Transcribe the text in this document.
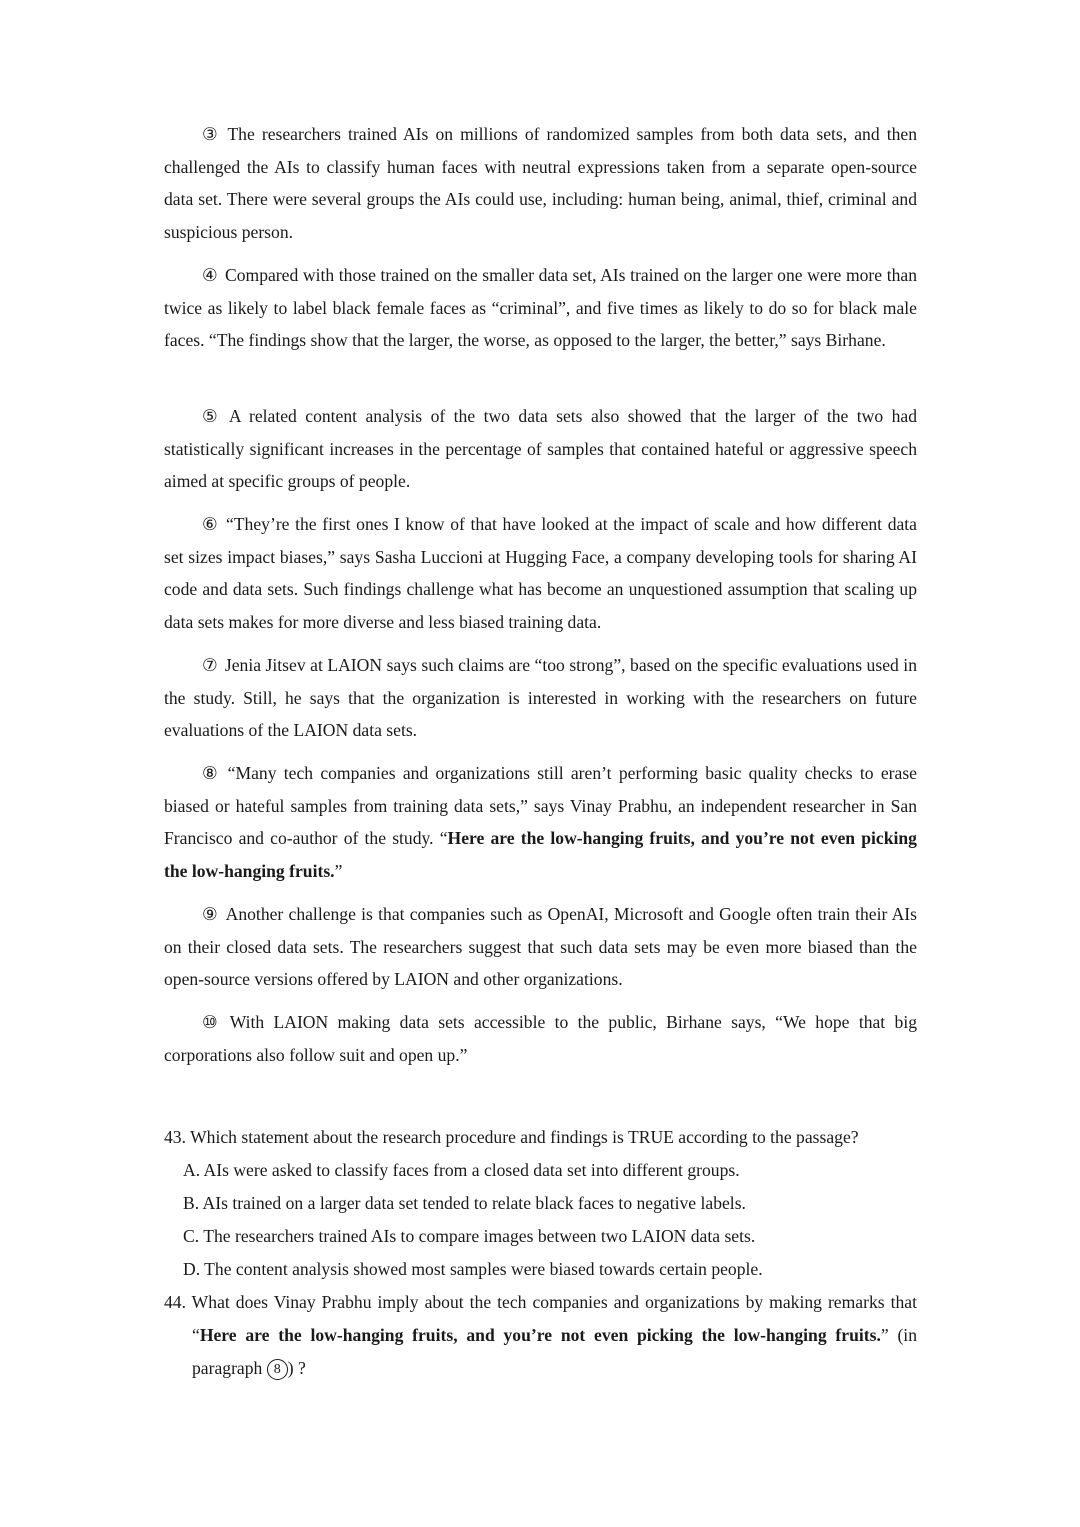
③ The researchers trained AIs on millions of randomized samples from both data sets, and then challenged the AIs to classify human faces with neutral expressions taken from a separate open-source data set. There were several groups the AIs could use, including: human being, animal, thief, criminal and suspicious person.

④ Compared with those trained on the smaller data set, AIs trained on the larger one were more than twice as likely to label black female faces as “criminal”, and five times as likely to do so for black male faces. “The findings show that the larger, the worse, as opposed to the larger, the better,” says Birhane.

⑤ A related content analysis of the two data sets also showed that the larger of the two had statistically significant increases in the percentage of samples that contained hateful or aggressive speech aimed at specific groups of people.

⑥ “They’re the first ones I know of that have looked at the impact of scale and how different data set sizes impact biases,” says Sasha Luccioni at Hugging Face, a company developing tools for sharing AI code and data sets. Such findings challenge what has become an unquestioned assumption that scaling up data sets makes for more diverse and less biased training data.

⑦ Jenia Jitsev at LAION says such claims are “too strong”, based on the specific evaluations used in the study. Still, he says that the organization is interested in working with the researchers on future evaluations of the LAION data sets.

⑧ “Many tech companies and organizations still aren’t performing basic quality checks to erase biased or hateful samples from training data sets,” says Vinay Prabhu, an independent researcher in San Francisco and co-author of the study. “Here are the low-hanging fruits, and you’re not even picking the low-hanging fruits.”

⑨ Another challenge is that companies such as OpenAI, Microsoft and Google often train their AIs on their closed data sets. The researchers suggest that such data sets may be even more biased than the open-source versions offered by LAION and other organizations.

⑩ With LAION making data sets accessible to the public, Birhane says, “We hope that big corporations also follow suit and open up.”

43. Which statement about the research procedure and findings is TRUE according to the passage?
A. AIs were asked to classify faces from a closed data set into different groups.
B. AIs trained on a larger data set tended to relate black faces to negative labels.
C. The researchers trained AIs to compare images between two LAION data sets.
D. The content analysis showed most samples were biased towards certain people.
44. What does Vinay Prabhu imply about the tech companies and organizations by making remarks that “Here are the low-hanging fruits, and you’re not even picking the low-hanging fruits.” (in paragraph 8 ) ?
